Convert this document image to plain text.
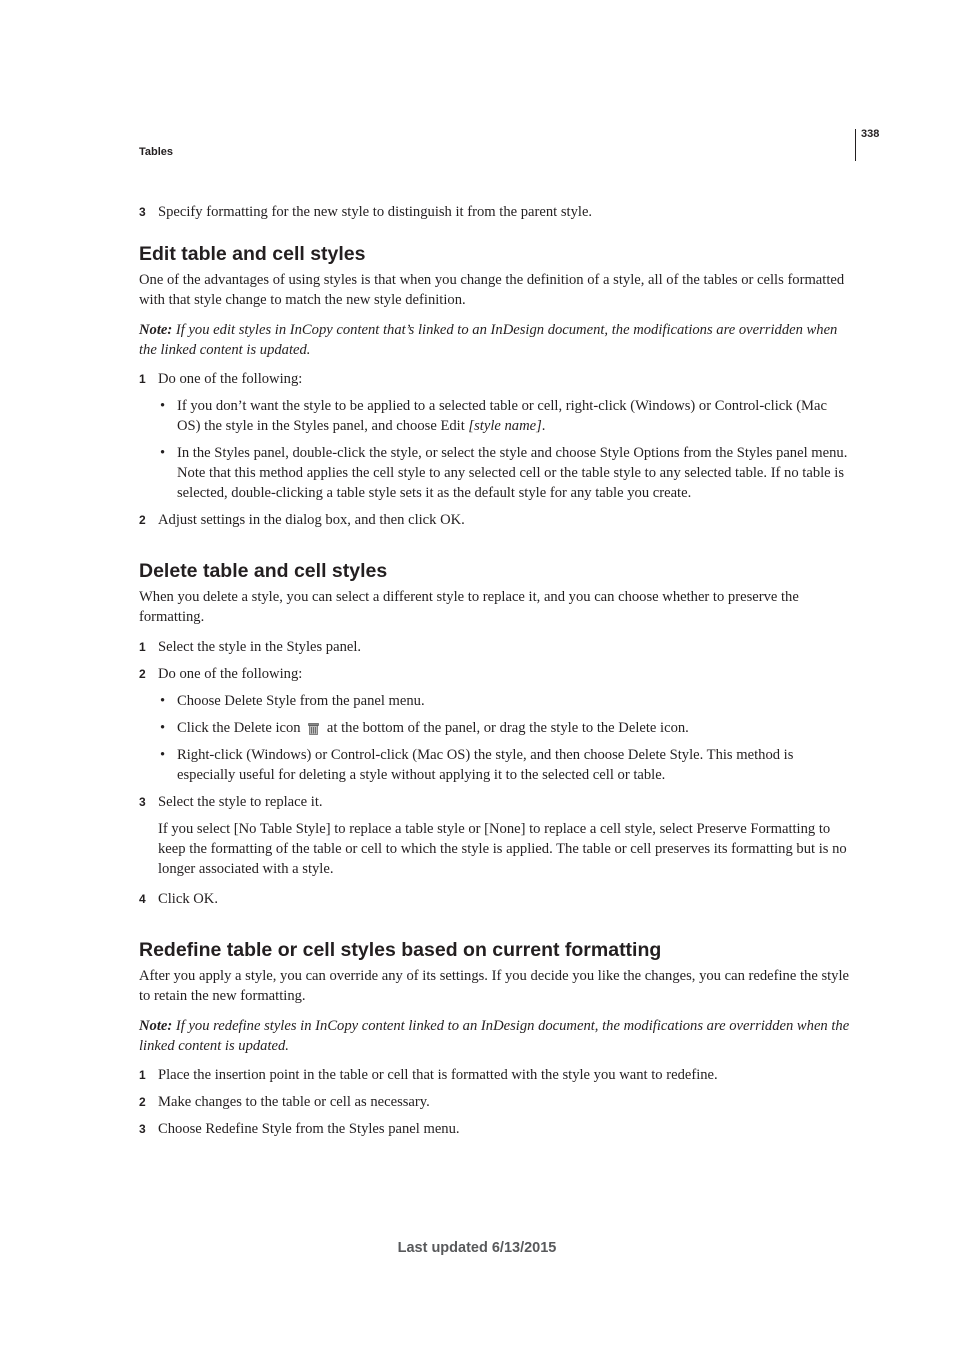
Tables
338
3 Specify formatting for the new style to distinguish it from the parent style.
Edit table and cell styles

One of the advantages of using styles is that when you change the definition of a style, all of the tables or cells formatted with that style change to match the new style definition.

Note: If you edit styles in InCopy content that’s linked to an InDesign document, the modifications are overridden when the linked content is updated.

1 Do one of the following:
• If you don’t want the style to be applied to a selected table or cell, right-click (Windows) or Control-click (Mac OS) the style in the Styles panel, and choose Edit [style name].
• In the Styles panel, double-click the style, or select the style and choose Style Options from the Styles panel menu. Note that this method applies the cell style to any selected cell or the table style to any selected table. If no table is selected, double-clicking a table style sets it as the default style for any table you create.
2 Adjust settings in the dialog box, and then click OK.
Delete table and cell styles

When you delete a style, you can select a different style to replace it, and you can choose whether to preserve the formatting.

1 Select the style in the Styles panel.
2 Do one of the following:
• Choose Delete Style from the panel menu.
• Click the Delete icon at the bottom of the panel, or drag the style to the Delete icon.
• Right-click (Windows) or Control-click (Mac OS) the style, and then choose Delete Style. This method is especially useful for deleting a style without applying it to the selected cell or table.
3 Select the style to replace it.

If you select [No Table Style] to replace a table style or [None] to replace a cell style, select Preserve Formatting to keep the formatting of the table or cell to which the style is applied. The table or cell preserves its formatting but is no longer associated with a style.

4 Click OK.
Redefine table or cell styles based on current formatting

After you apply a style, you can override any of its settings. If you decide you like the changes, you can redefine the style to retain the new formatting.

Note: If you redefine styles in InCopy content linked to an InDesign document, the modifications are overridden when the linked content is updated.

1 Place the insertion point in the table or cell that is formatted with the style you want to redefine.
2 Make changes to the table or cell as necessary.
3 Choose Redefine Style from the Styles panel menu.
Last updated 6/13/2015
